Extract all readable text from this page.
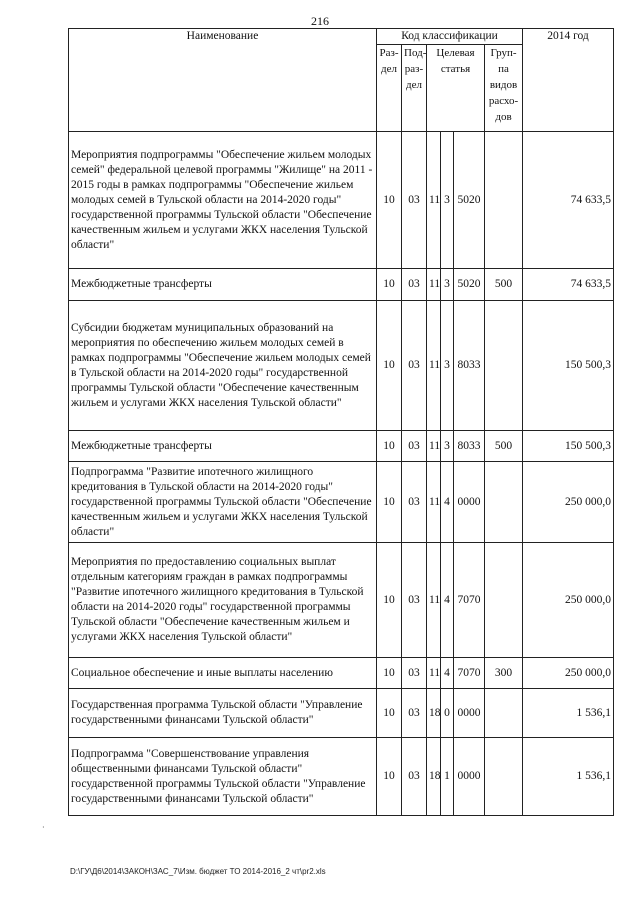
216
Наименование	Код классификации						2014 год
	Раз-дел	Под-раз-дел	Целевая статья			Груп-па видов расхо-дов	
Мероприятия подпрограммы "Обеспечение жильем молодых семей" федеральной целевой программы "Жилище" на 2011 - 2015 годы в рамках подпрограммы "Обеспечение жильем молодых семей в Тульской области на 2014-2020 годы" государственной программы Тульской области "Обеспечение качественным жильем и услугами ЖКХ населения Тульской области"	10	03	11	3	5020		74 633,5
Межбюджетные трансферты	10	03	11	3	5020	500	74 633,5
Субсидии бюджетам муниципальных образований на мероприятия по обеспечению жильем молодых семей в рамках подпрограммы "Обеспечение жильем молодых семей в Тульской области на 2014-2020 годы" государственной программы Тульской области "Обеспечение качественным жильем и услугами ЖКХ населения Тульской области"	10	03	11	3	8033		150 500,3
Межбюджетные трансферты	10	03	11	3	8033	500	150 500,3
Подпрограмма "Развитие ипотечного жилищного кредитования в Тульской области на 2014-2020 годы" государственной программы Тульской области "Обеспечение качественным жильем и услугами ЖКХ населения Тульской области"	10	03	11	4	0000		250 000,0
Мероприятия по предоставлению социальных выплат отдельным категориям граждан в рамках подпрограммы "Развитие ипотечного жилищного кредитования в Тульской области на 2014-2020 годы" государственной программы Тульской области "Обеспечение качественным жильем и услугами ЖКХ населения Тульской области"	10	03	11	4	7070		250 000,0
Социальное обеспечение и иные выплаты населению	10	03	11	4	7070	300	250 000,0
Государственная программа Тульской области "Управление государственными финансами Тульской области"	10	03	18	0	0000		1 536,1
Подпрограмма "Совершенствование управления общественными финансами Тульской области" государственной программы Тульской области "Управление государственными финансами Тульской области"	10	03	18	1	0000		1 536,1
·
D:\ГУ\Д6\2014\ЗАКОН\ЗАС_7\Изм. бюджет ТО 2014-2016_2 чт\pr2.xls
